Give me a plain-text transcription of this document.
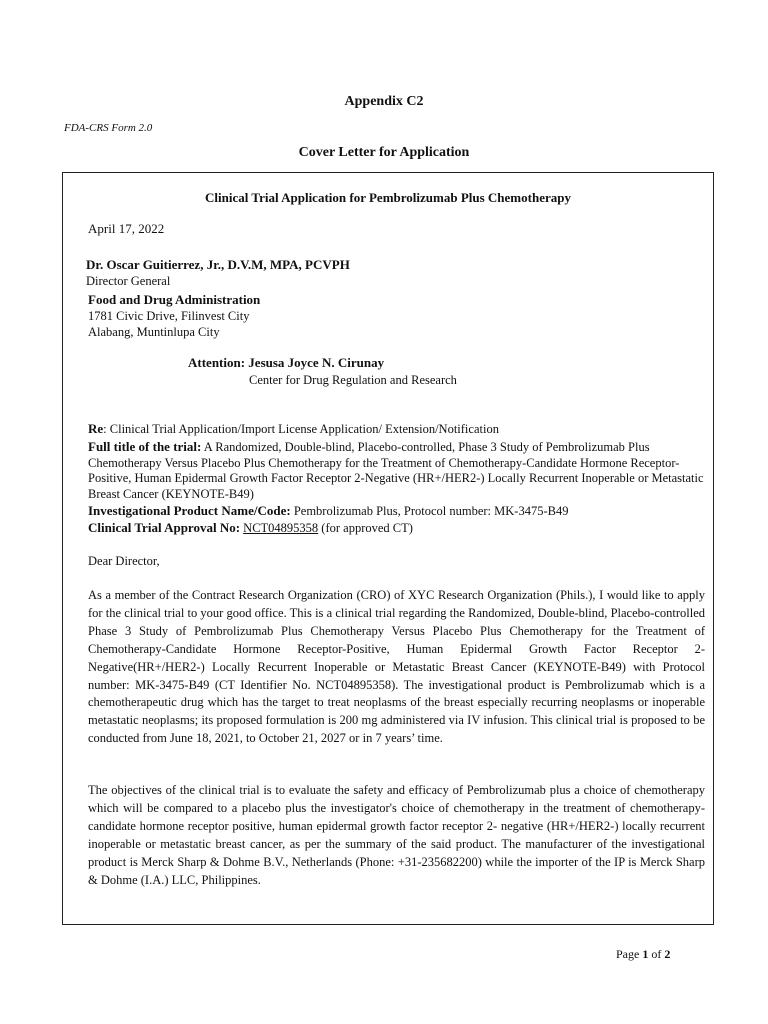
Appendix C2
FDA-CRS Form 2.0
Cover Letter for Application
Clinical Trial Application for Pembrolizumab Plus Chemotherapy
April 17, 2022
Dr. Oscar Guitierrez, Jr., D.V.M, MPA, PCVPH
Director General
Food and Drug Administration
1781 Civic Drive, Filinvest City
Alabang, Muntinlupa City
Attention: Jesusa Joyce N. Cirunay
Center for Drug Regulation and Research
Re: Clinical Trial Application/Import License Application/ Extension/Notification
Full title of the trial: A Randomized, Double-blind, Placebo-controlled, Phase 3 Study of Pembrolizumab Plus Chemotherapy Versus Placebo Plus Chemotherapy for the Treatment of Chemotherapy-Candidate Hormone Receptor-Positive, Human Epidermal Growth Factor Receptor 2-Negative (HR+/HER2-) Locally Recurrent Inoperable or Metastatic Breast Cancer (KEYNOTE-B49)
Investigational Product Name/Code: Pembrolizumab Plus, Protocol number: MK-3475-B49
Clinical Trial Approval No: NCT04895358 (for approved CT)
Dear Director,
As a member of the Contract Research Organization (CRO) of XYC Research Organization (Phils.), I would like to apply for the clinical trial to your good office. This is a clinical trial regarding the Randomized, Double-blind, Placebo-controlled Phase 3 Study of Pembrolizumab Plus Chemotherapy Versus Placebo Plus Chemotherapy for the Treatment of Chemotherapy-Candidate Hormone Receptor-Positive, Human Epidermal Growth Factor Receptor 2-Negative(HR+/HER2-) Locally Recurrent Inoperable or Metastatic Breast Cancer (KEYNOTE-B49) with Protocol number: MK-3475-B49 (CT Identifier No. NCT04895358). The investigational product is Pembrolizumab which is a chemotherapeutic drug which has the target to treat neoplasms of the breast especially recurring neoplasms or inoperable metastatic neoplasms; its proposed formulation is 200 mg administered via IV infusion. This clinical trial is proposed to be conducted from June 18, 2021, to October 21, 2027 or in 7 years’ time.
The objectives of the clinical trial is to evaluate the safety and efficacy of Pembrolizumab plus a choice of chemotherapy which will be compared to a placebo plus the investigator's choice of chemotherapy in the treatment of chemotherapy-candidate hormone receptor positive, human epidermal growth factor receptor 2- negative (HR+/HER2-) locally recurrent inoperable or metastatic breast cancer, as per the summary of the said product. The manufacturer of the investigational product is Merck Sharp & Dohme B.V., Netherlands (Phone: +31-235682200) while the importer of the IP is Merck Sharp & Dohme (I.A.) LLC, Philippines.
Page 1 of 2
